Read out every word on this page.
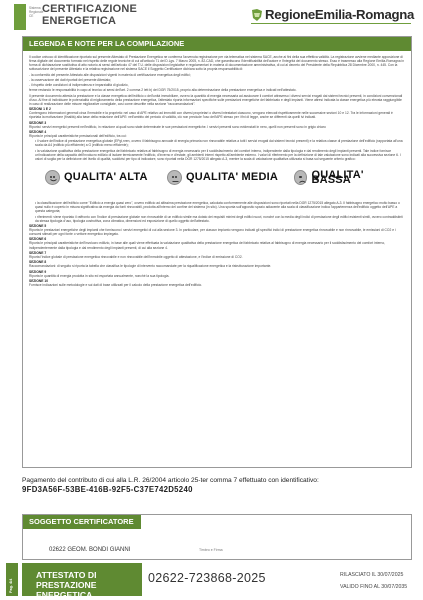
Sistema
Regionale
CE
CERTIFICAZIONE
ENERGETICA	RegioneEmilia-Romagna
LEGENDA E NOTE PER LA COMPILAZIONE

Il codice univoco di identificazione riportato sul presente Attestato di Prestazione Energetica ne conferma l'avvenuta registrazione per via telematica nel sistema SACE, anche ai fini della sua effettiva validità. La registrazione avviene mediante apposizione di firma digitale del documento formato nel rispetto delle regole tecniche di cui all'articolo 71 del D.Lgs. 7 Marzo 2005, n. 82-CAD, che garantiscono l'identificabilità dell'autore e l'integrità del documento stesso. Esso è trasmesso alla Regione Emilia-Romagna in forma di dichiarazione sostitutiva di atto notorio ai sensi dell'articolo 47 del T.U. delle disposizioni legislative e regolamentari in materia di documentazione amministrativa, di cui al decreto del Presidente della Repubblica 28 Dicembre 2000, n. 445. Con la sottoscrizione del presente Attestato e la relativa registrazione nel sistema SACE il Soggetto Certificatore dichiara sotto la propria responsabilità di:

- la conformità del presente Attestato alle disposizioni vigenti in materia di certificazione energetica degli edifici;

- la osservazione dei dati riportati del presente Attestato;

- il rispetto delle condizioni di indipendenza e imparzialità di giudizio,

ferme restando le responsabilità in capo al tecnico ai sensi dell'art. 2 comma 2 lett b) del DGR 75/2015, proprio alla determinazione della prestazione energetica e indicati nell'attestato.

Il presente documento attesta la prestazione e la classe energetica dell'edificio o dell'unità immobiliare, ovvero la quantità di energia necessaria ad assicurare il comfort attraverso i diversi servizi erogati dai sistemi tecnici presenti, in condizioni convenzionali d'uso. Al fine di individuare le potenzialità di miglioramento della prestazione energetica, l'attestato riporta informazioni specifiche sulle prestazioni energetiche del fabbricato e degli impianti. Viene altresì indicata la classe energetica più elevata raggiungibile in caso di realizzazione delle misure migliorative consigliate, così come descritte nella sezione "raccomandazioni".

SEZIONI 1 E 2

Contengono informazioni generali circa l'immobile e la proprietà: nel caso di APE relativo ad immobili con diversi proprietari o diversi intestatari ciascuno, vengono elencati rispettivamente nelle successive sezioni 10 e 12. Tra le informazioni generali è riportata la motivazione (finalità) alla base della redazione dell'APE: nell'ambito del periodo di validità, ciò non preclude l'uso dell'APE stesso per i fini di legge, anche se differenti da quelli ivi indicati.

SEZIONE 3

Riporta i servizi energetici presenti nell'edificio, in relazione ai quali sono state determinate le sue prestazioni energetiche. I servizi presenti sono evidenziati in nero, quelli non presenti sono in grigio chiaro

SEZIONE 4

Riporta le principali caratteristiche prestazionali dell'edificio, tra cui:

• il valore dell'indice di prestazione energetica globale (EPgl,nren, ovvero il fabbisogno annuale di energia primaria non rinnovabile relativa a tutti i servizi erogati dai sistemi tecnici presenti) e la relativa classe di prestazione dell'edificio (rapportata all'una scala da A4 (edificio più efficiente) a G (edificio meno efficiente);

• la valutazione qualitativa della prestazione energetica del fabbricato relativa al fabbisogno di energia necessario per il soddisfacimento del comfort interno, indipendente dalla tipologia e dal rendimento degli impianti presenti. Tale indice fornisce un'indicazione della capacità dell'involucro edilizio di isolare termicamente l'edificio, d'inverno e d'estate, gli ambienti interni rispetto all'ambiente esterno. I valori di riferimento per la definizione di tale valutazione sono indicati alla successiva sezione 6. I valori di soglia per la definizione del livello di qualità, suddivisi per tipo di indicatore, sono riportati nella DGR 1275/2015 allegato A-3, mentre la scala di valutazione qualitativa utilizzata si basa sul seguente criterio grafico:

QUALITA' ALTA	QUALITA' MEDIA	QUALITA' BASSA

• la classificazione dell'edificio come "Edificio a energia quasi zero", ovvero edificio ad altissima prestazione energetica, calcolata conformemente alle disposizioni sono riportati nella DGR 1275/2015 allegato A-3. Il fabbisogno energetico molto basso o quasi nullo è coperto in misura significativa da energia da fonti rinnovabili, prodotta all'interno del confine del sistema (in sito). Una spunta sull'apposito spazio adiacente alla scala di classificazione indica l'appartenenza dell'edificio oggetto dell'APE a questa categoria;

• riferimenti: viene riportato il raffronto con l'indice di prestazione globale non rinnovabile di un edificio simile ma dotato dei requisiti minimi degli edifici nuovi, nonché con la media degli indici di prestazione degli edifici esistenti simili, ovvero contraddistinti da stessa tipologia d'uso, tipologia costruttiva, zona climatica, dimensioni ed esposizione di quello oggetto dell'attestato.

SEZIONE 5

Riporta le prestazioni energetiche degli impianti che forniscono i servizi energetici di cui alla sezione 3. In particolare, per ciascun impianto vengono indicati gli specifici indici di prestazione energetica rinnovabile e non rinnovabile, le emissioni di CO2 e i consumi stimati per ogni fonte o vettore energetico impiegato.

SEZIONE 6

Riporta le principali caratteristiche dell'involucro edilizio, in base alle quali viene effettuata la valutazione qualitativa della prestazione energetica del fabbricato relativa al fabbisogno di energia necessario per il soddisfacimento del comfort interno, indipendentemente dalla tipologia e dal rendimento degli impianti presenti, di cui alla sezione 4.

SEZIONE 7

Riporta l'indice globale di prestazione energetica rinnovabile e non rinnovabile dell'immobile oggetto di attestazione, e l'indice di emissione di CO2.

SEZIONE 8

Raccomandazioni: di seguito si riporta la tabella che classifica le tipologie di intervento raccomandate per la riqualificazione energetica e la ristrutturazione importante.

SEZIONE 9

Riporta le quantità di energia prodotta in sito ed esportata annualmente, nonché la sua tipologia.

SEZIONE 10

Fornisce indicazioni sulle metodologie e sui dati di base utilizzati per il calcolo della prestazione energetica dell'edificio.

Pagamento del contributo di cui alla L.R. 26/2004 articolo 25-ter comma 7 effettuato con identificativo:
9FD3A56F-53BE-416B-92F5-C37E742D5240
SOGGETTO CERTIFICATORE
02622 GEOM. BONDI GIANNI	Timbro e Firma
Pag. 4/4
ATTESTATO DI
PRESTAZIONE ENERGETICA
02622-723868-2025	RILASCIATO IL 30/07/2025
VALIDO FINO AL 30/07/2035
